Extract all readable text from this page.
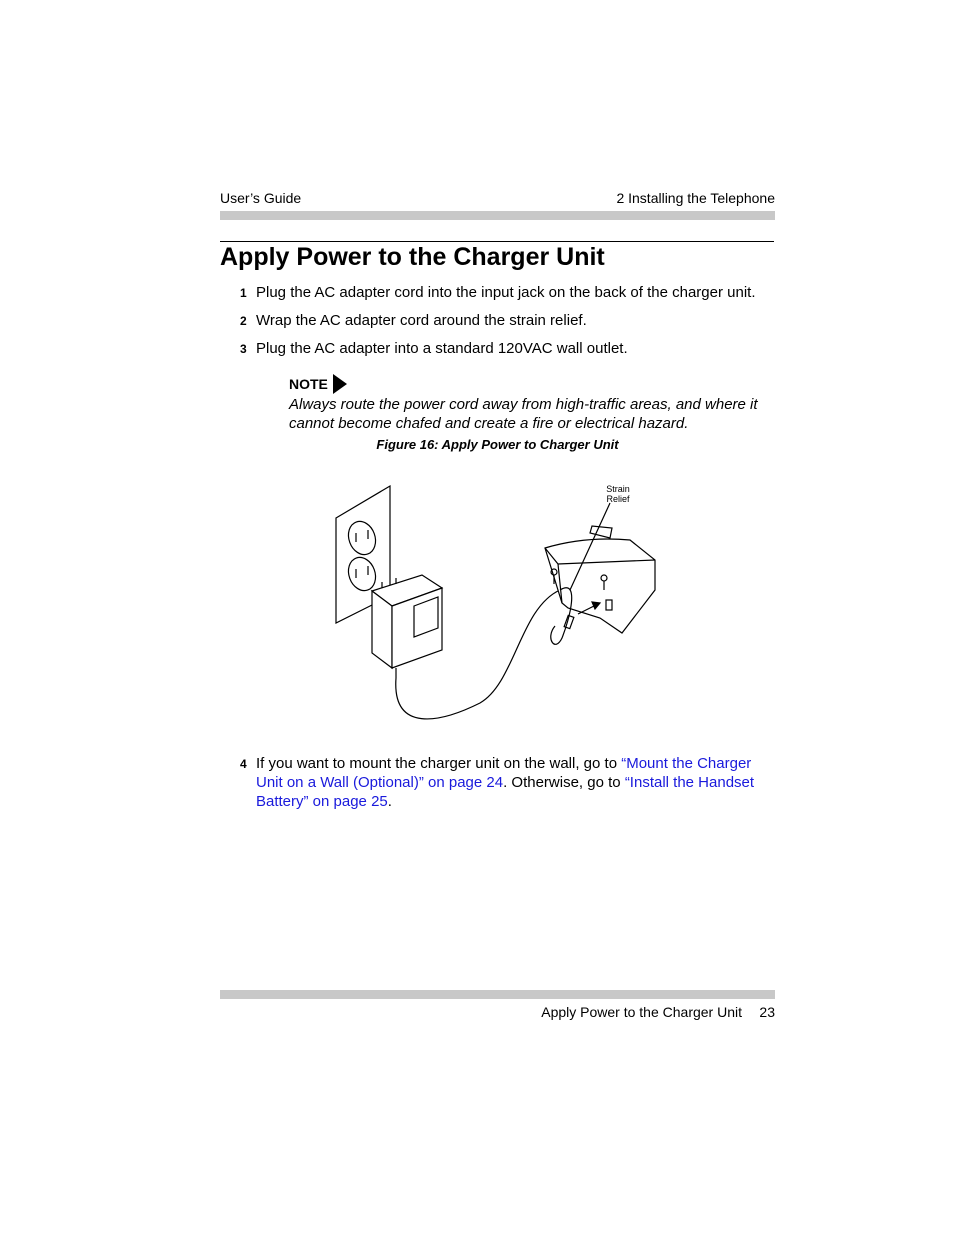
User’s Guide	2 Installing the Telephone
Apply Power to the Charger Unit
1 Plug the AC adapter cord into the input jack on the back of the charger unit.
2 Wrap the AC adapter cord around the strain relief.
3 Plug the AC adapter into a standard 120VAC wall outlet.
NOTE
Always route the power cord away from high-traffic areas, and where it cannot become chafed and create a fire or electrical hazard.
Figure 16: Apply Power to Charger Unit
Strain
Relief
4 If you want to mount the charger unit on the wall, go to “Mount the Charger Unit on a Wall (Optional)” on page 24. Otherwise, go to “Install the Handset Battery” on page 25.
Apply Power to the Charger Unit 23
